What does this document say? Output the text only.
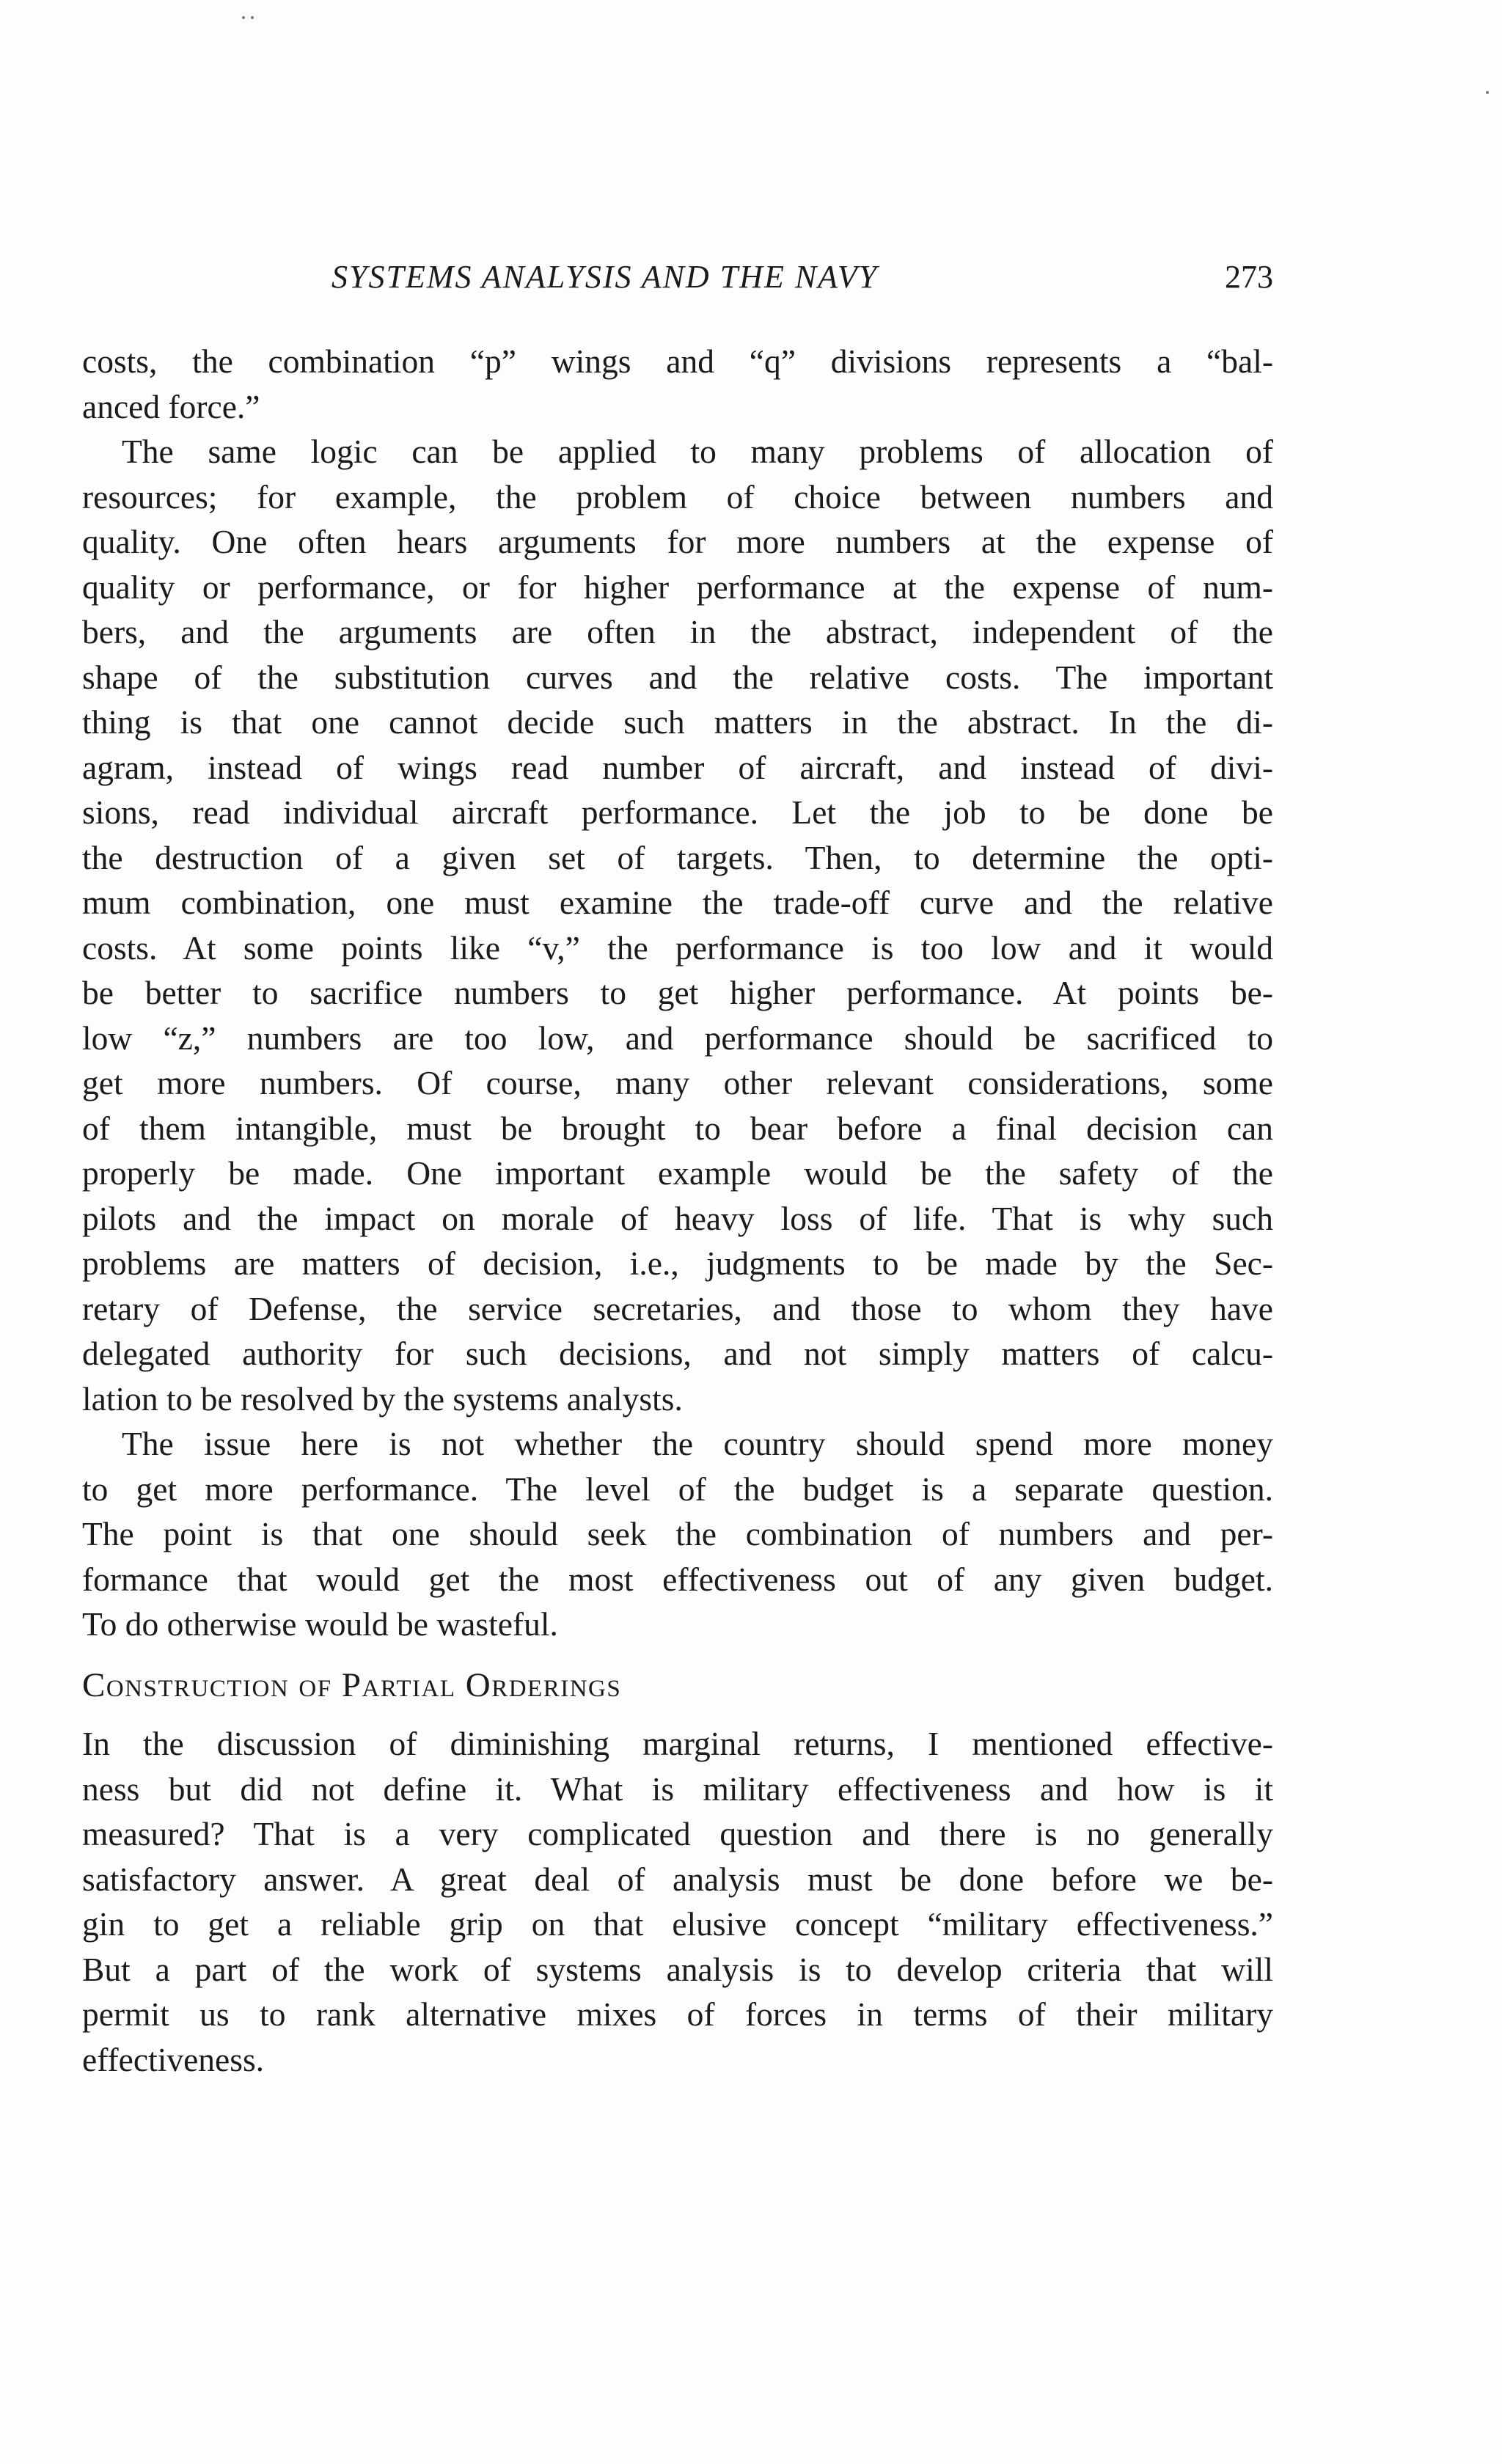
SYSTEMS ANALYSIS AND THE NAVY	273
costs, the combination “p” wings and “q” divisions represents a “bal-
anced force.”
The same logic can be applied to many problems of allocation of
resources; for example, the problem of choice between numbers and
quality. One often hears arguments for more numbers at the expense of
quality or performance, or for higher performance at the expense of num-
bers, and the arguments are often in the abstract, independent of the
shape of the substitution curves and the relative costs. The important
thing is that one cannot decide such matters in the abstract. In the di-
agram, instead of wings read number of aircraft, and instead of divi-
sions, read individual aircraft performance. Let the job to be done be
the destruction of a given set of targets. Then, to determine the opti-
mum combination, one must examine the trade-off curve and the relative
costs. At some points like “v,” the performance is too low and it would
be better to sacrifice numbers to get higher performance. At points be-
low “z,” numbers are too low, and performance should be sacrificed to
get more numbers. Of course, many other relevant considerations, some
of them intangible, must be brought to bear before a final decision can
properly be made. One important example would be the safety of the
pilots and the impact on morale of heavy loss of life. That is why such
problems are matters of decision, i.e., judgments to be made by the Sec-
retary of Defense, the service secretaries, and those to whom they have
delegated authority for such decisions, and not simply matters of calcu-
lation to be resolved by the systems analysts.
The issue here is not whether the country should spend more money
to get more performance. The level of the budget is a separate question.
The point is that one should seek the combination of numbers and per-
formance that would get the most effectiveness out of any given budget.
To do otherwise would be wasteful.
Construction of Partial Orderings
In the discussion of diminishing marginal returns, I mentioned effective-
ness but did not define it. What is military effectiveness and how is it
measured? That is a very complicated question and there is no generally
satisfactory answer. A great deal of analysis must be done before we be-
gin to get a reliable grip on that elusive concept “military effectiveness.”
But a part of the work of systems analysis is to develop criteria that will
permit us to rank alternative mixes of forces in terms of their military
effectiveness.
